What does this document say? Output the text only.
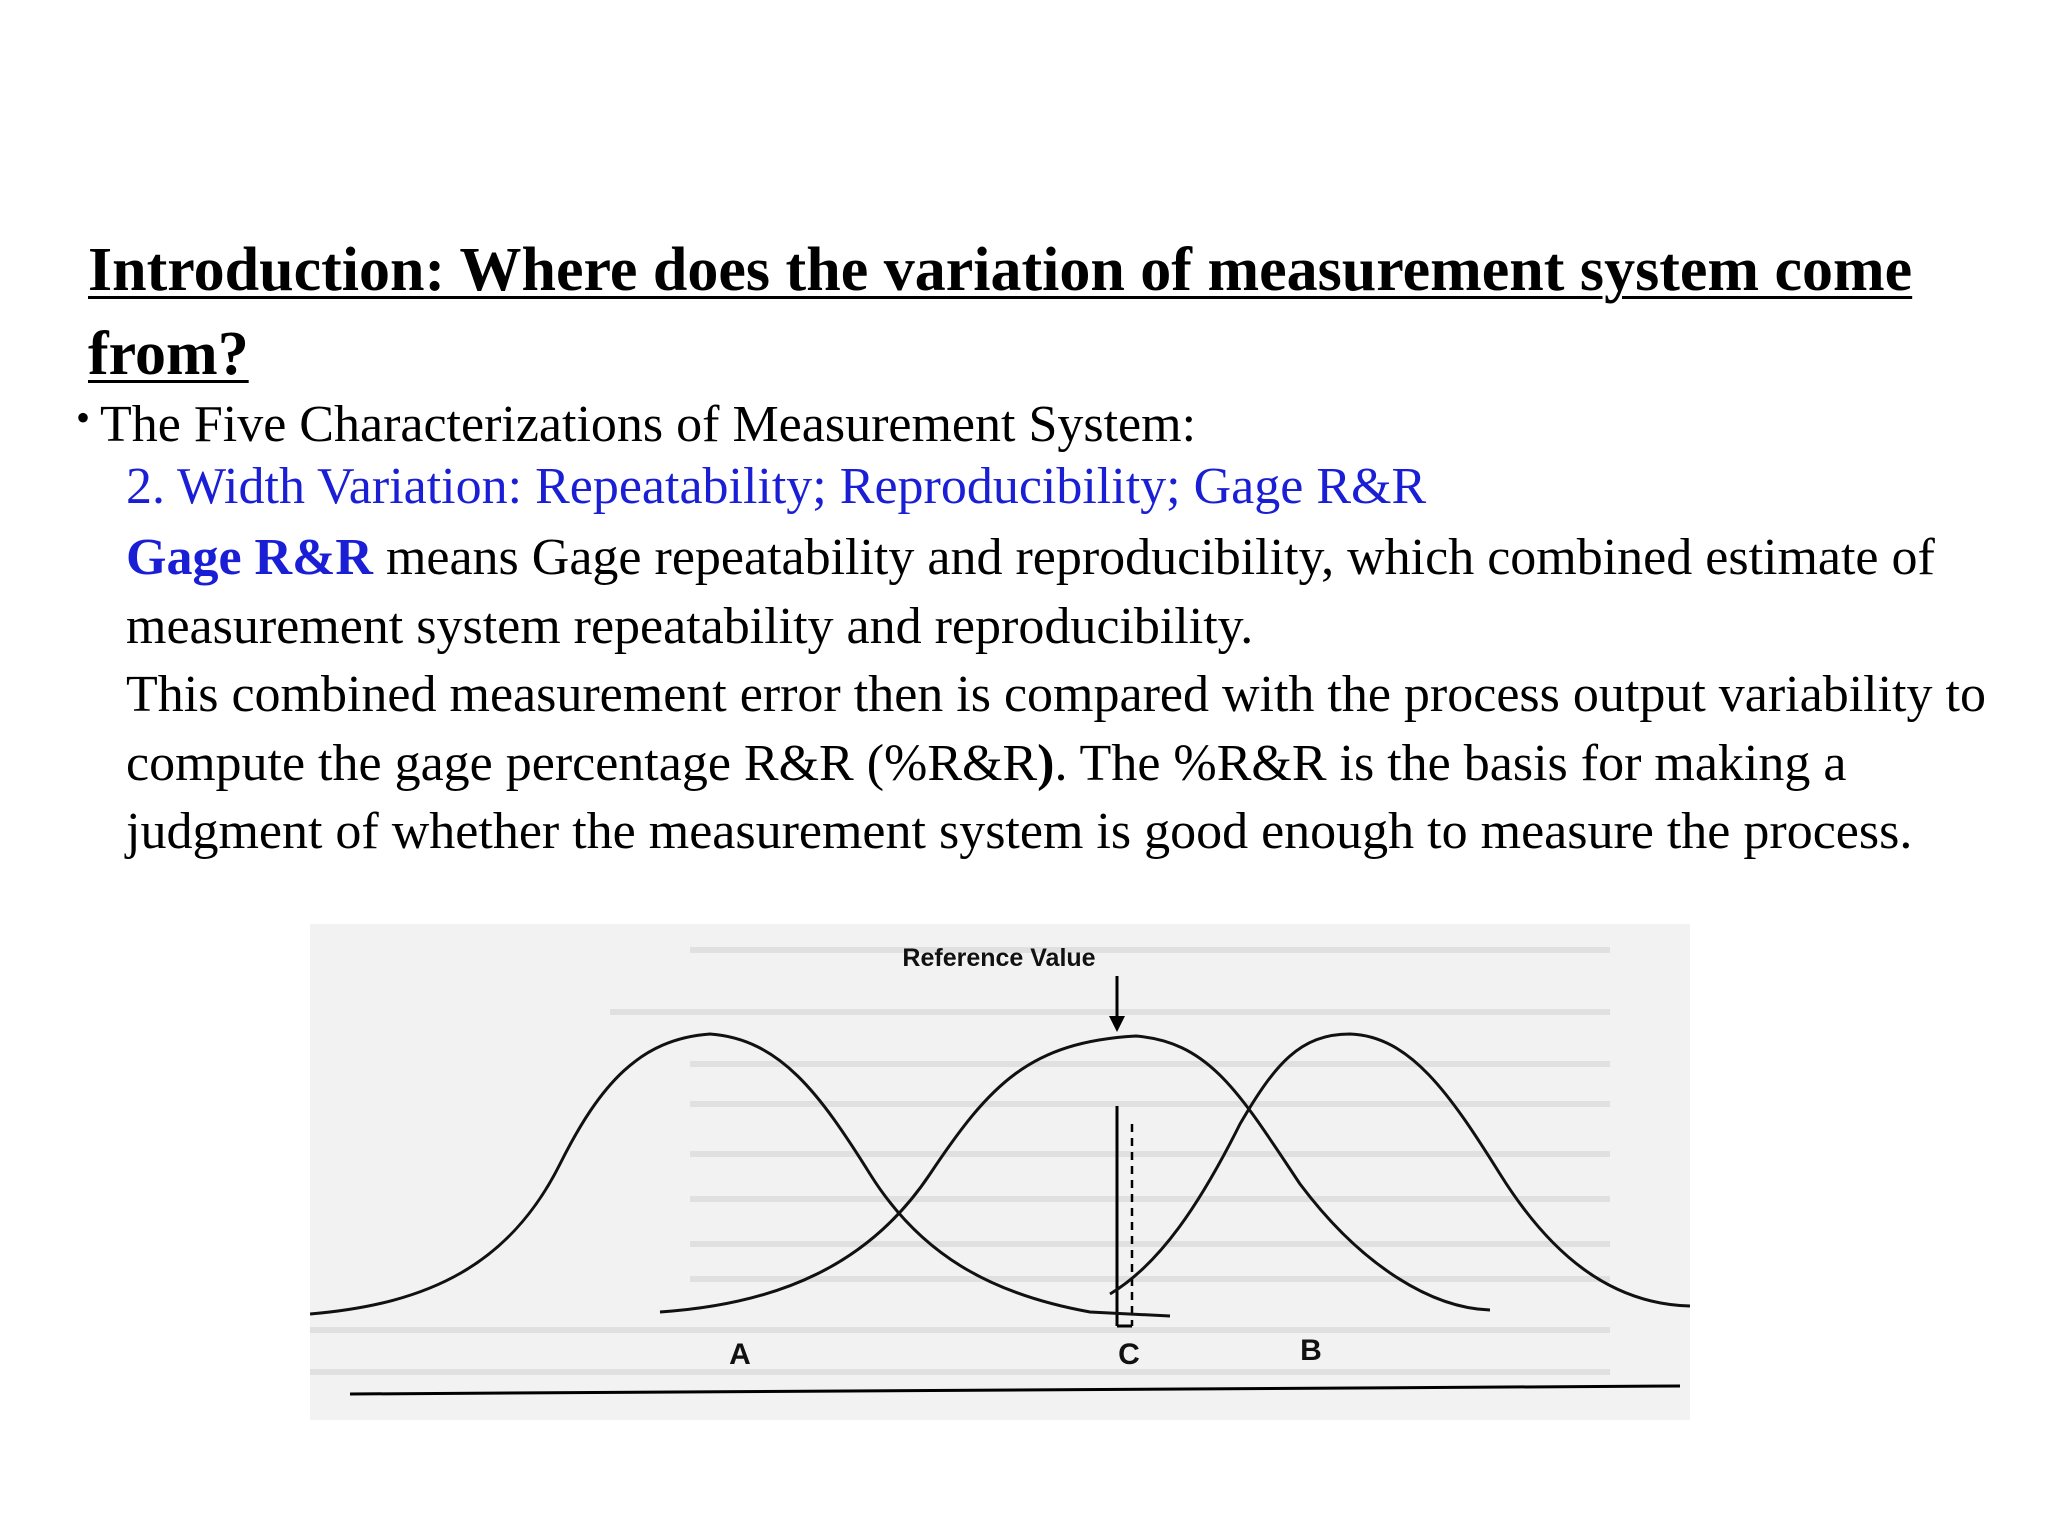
Introduction: Where does the variation of measurement system come from?
• The Five Characterizations of Measurement System:
2. Width Variation: Repeatability; Reproducibility; Gage R&R

Gage R&R means Gage repeatability and reproducibility, which combined estimate of measurement system repeatability and reproducibility.
This combined measurement error then is compared with the process output variability to compute the gage percentage R&R (%R&R). The %R&R is the basis for making a judgment of whether the measurement system is good enough to measure the process.

Reference Value
A	C	B
